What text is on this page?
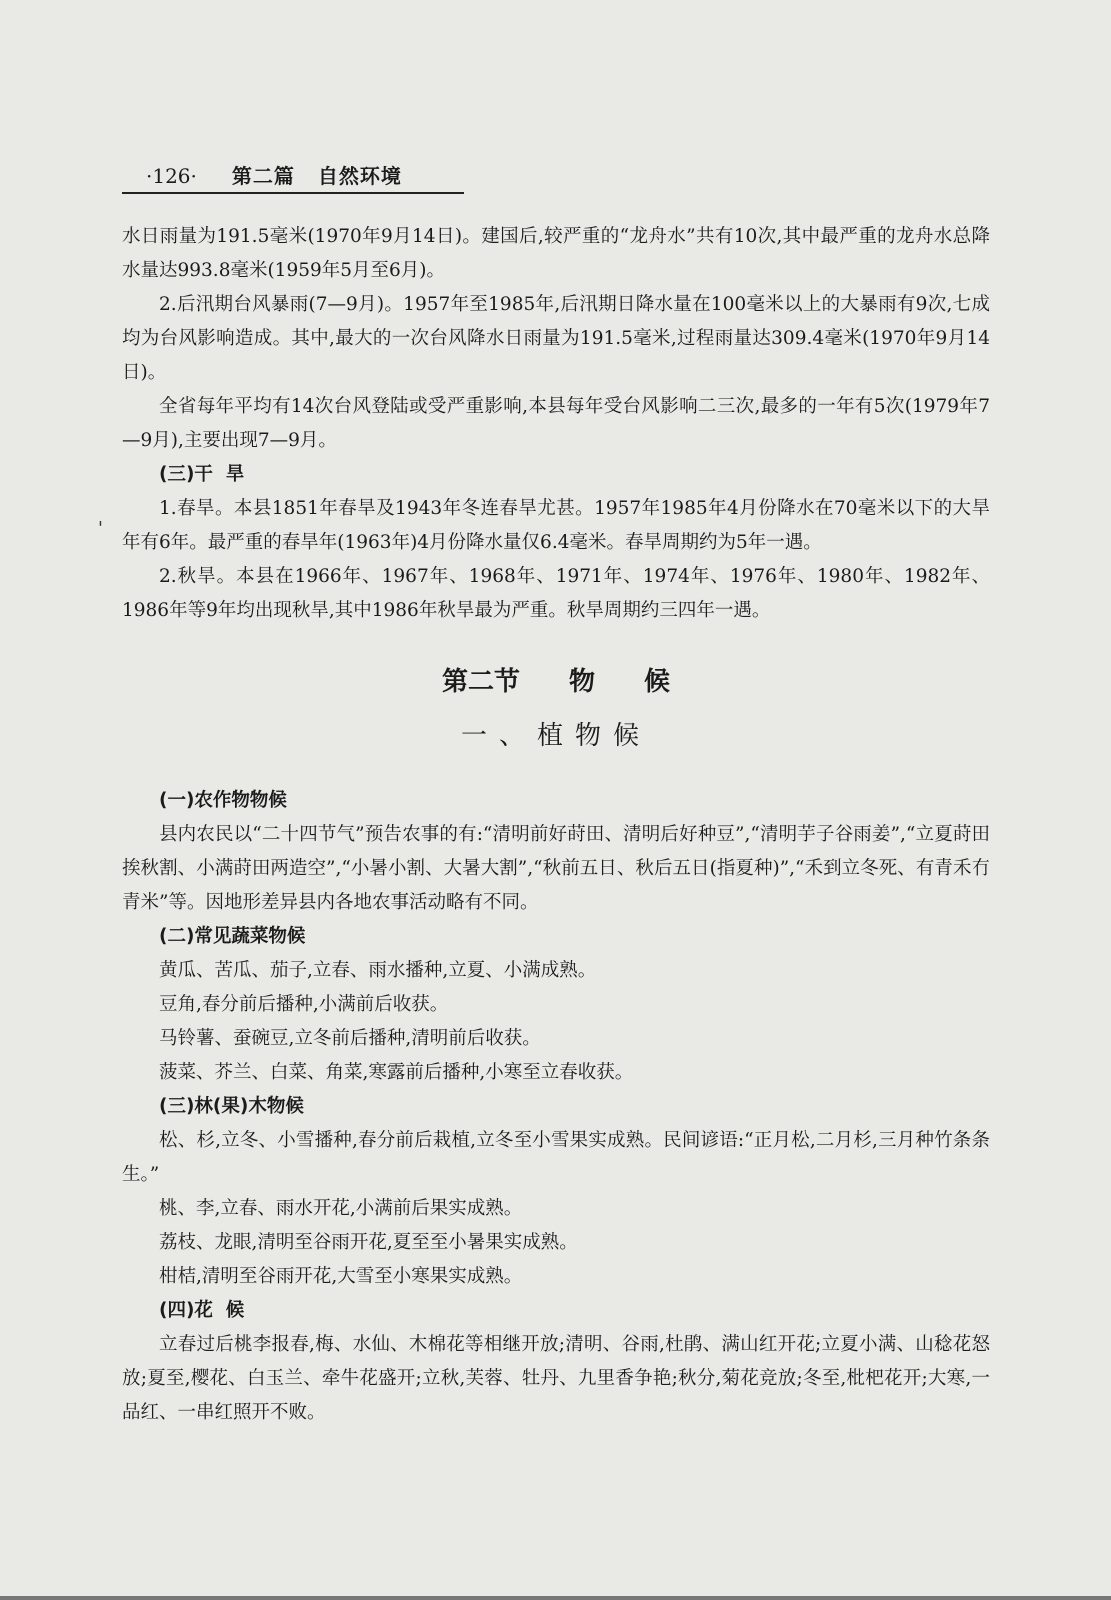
·126· 第二篇 自然环境
'

水日雨量为191.5毫米(1970年9月14日)。建国后,较严重的“龙舟水”共有10次,其中最严重的龙舟水总降水量达993.8毫米(1959年5月至6月)。

2.后汛期台风暴雨(7—9月)。1957年至1985年,后汛期日降水量在100毫米以上的大暴雨有9次,七成均为台风影响造成。其中,最大的一次台风降水日雨量为191.5毫米,过程雨量达309.4毫米(1970年9月14日)。

全省每年平均有14次台风登陆或受严重影响,本县每年受台风影响二三次,最多的一年有5次(1979年7—9月),主要出现7—9月。

(三)干  旱

1.春旱。本县1851年春旱及1943年冬连春旱尤甚。1957年1985年4月份降水在70毫米以下的大旱年有6年。最严重的春旱年(1963年)4月份降水量仅6.4毫米。春旱周期约为5年一遇。

2.秋旱。本县在1966年、1967年、1968年、1971年、1974年、1976年、1980年、1982年、1986年等9年均出现秋旱,其中1986年秋旱最为严重。秋旱周期约三四年一遇。

第二节 物 候
一、植物候
(一)农作物物候

县内农民以“二十四节气”预告农事的有:“清明前好莳田、清明后好种豆”,“清明芋子谷雨姜”,“立夏莳田挨秋割、小满莳田两造空”,“小暑小割、大暑大割”,“秋前五日、秋后五日(指夏种)”,“禾到立冬死、有青禾冇青米”等。因地形差异县内各地农事活动略有不同。

(二)常见蔬菜物候

黄瓜、苦瓜、茄子,立春、雨水播种,立夏、小满成熟。

豆角,春分前后播种,小满前后收获。

马铃薯、蚕碗豆,立冬前后播种,清明前后收获。

菠菜、芥兰、白菜、角菜,寒露前后播种,小寒至立春收获。

(三)林(果)木物候

松、杉,立冬、小雪播种,春分前后栽植,立冬至小雪果实成熟。民间谚语:“正月松,二月杉,三月种竹条条生。”

桃、李,立春、雨水开花,小满前后果实成熟。

荔枝、龙眼,清明至谷雨开花,夏至至小暑果实成熟。

柑桔,清明至谷雨开花,大雪至小寒果实成熟。

(四)花  候

立春过后桃李报春,梅、水仙、木棉花等相继开放;清明、谷雨,杜鹃、满山红开花;立夏小满、山稔花怒放;夏至,樱花、白玉兰、牵牛花盛开;立秋,芙蓉、牡丹、九里香争艳;秋分,菊花竞放;冬至,枇杷花开;大寒,一品红、一串红照开不败。
